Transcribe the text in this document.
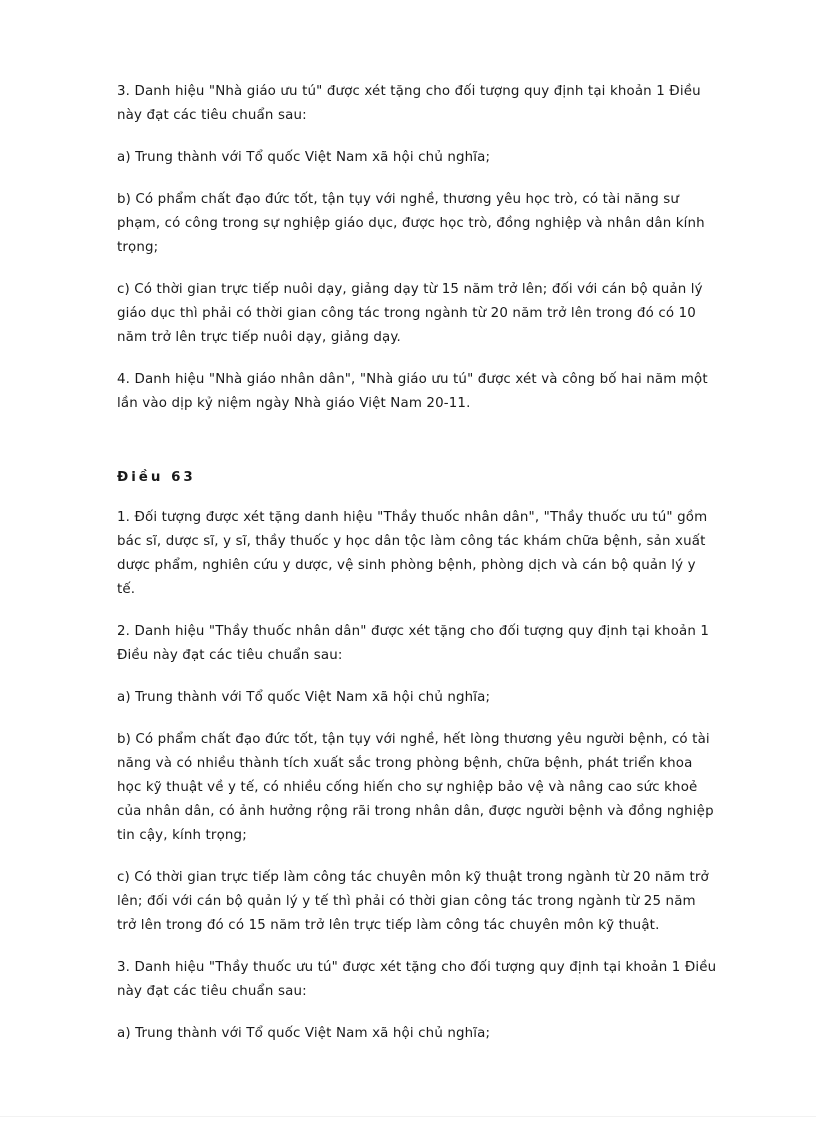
3. Danh hiệu "Nhà giáo ưu tú" được xét tặng cho đối tượng quy định tại khoản 1 Điều này đạt các tiêu chuẩn sau:

a) Trung thành với Tổ quốc Việt Nam xã hội chủ nghĩa;

b) Có phẩm chất đạo đức tốt, tận tụy với nghề, thương yêu học trò, có tài năng sư phạm, có công trong sự nghiệp giáo dục, được học trò, đồng nghiệp và nhân dân kính trọng;

c) Có thời gian trực tiếp nuôi dạy, giảng dạy từ 15 năm trở lên; đối với cán bộ quản lý giáo dục thì phải có thời gian công tác trong ngành từ 20 năm trở lên trong đó có 10 năm trở lên trực tiếp nuôi dạy, giảng dạy.

4. Danh hiệu "Nhà giáo nhân dân", "Nhà giáo ưu tú" được xét và công bố hai năm một lần vào dịp kỷ niệm ngày Nhà giáo Việt Nam 20-11.

Điều 63

1. Đối tượng được xét tặng danh hiệu "Thầy thuốc nhân dân", "Thầy thuốc ưu tú" gồm bác sĩ, dược sĩ, y sĩ, thầy thuốc y học dân tộc làm công tác khám chữa bệnh, sản xuất dược phẩm, nghiên cứu y dược, vệ sinh phòng bệnh, phòng dịch và cán bộ quản lý y tế.

2. Danh hiệu "Thầy thuốc nhân dân" được xét tặng cho đối tượng quy định tại khoản 1 Điều này đạt các tiêu chuẩn sau:

a) Trung thành với Tổ quốc Việt Nam xã hội chủ nghĩa;

b) Có phẩm chất đạo đức tốt, tận tụy với nghề, hết lòng thương yêu người bệnh, có tài năng và có nhiều thành tích xuất sắc trong phòng bệnh, chữa bệnh, phát triển khoa học kỹ thuật về y tế, có nhiều cống hiến cho sự nghiệp bảo vệ và nâng cao sức khoẻ của nhân dân, có ảnh hưởng rộng rãi trong nhân dân, được người bệnh và đồng nghiệp tin cậy, kính trọng;

c) Có thời gian trực tiếp làm công tác chuyên môn kỹ thuật trong ngành từ 20 năm trở lên; đối với cán bộ quản lý y tế thì phải có thời gian công tác trong ngành từ 25 năm trở lên trong đó có 15 năm trở lên trực tiếp làm công tác chuyên môn kỹ thuật.

3. Danh hiệu "Thầy thuốc ưu tú" được xét tặng cho đối tượng quy định tại khoản 1 Điều này đạt các tiêu chuẩn sau:

a) Trung thành với Tổ quốc Việt Nam xã hội chủ nghĩa;
